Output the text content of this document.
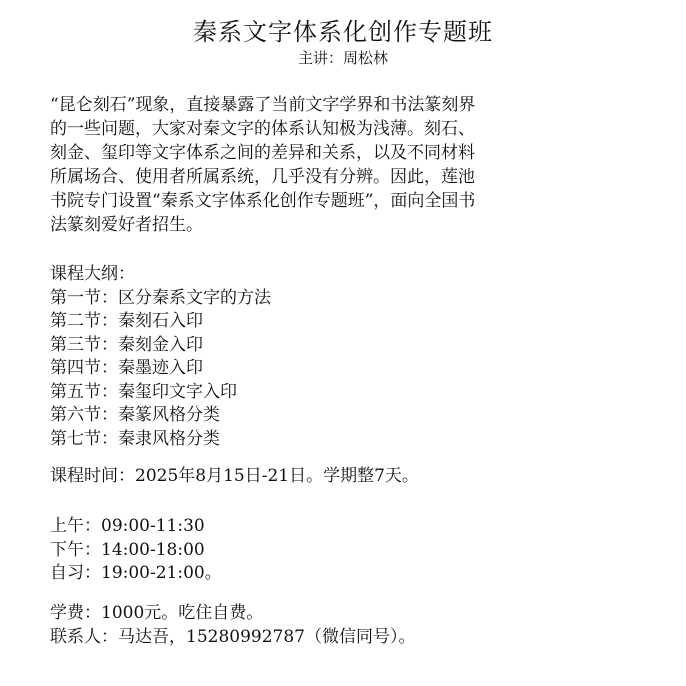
秦系文字体系化创作专题班
主讲：周松林

“昆仑刻石”现象，直接暴露了当前文字学界和书法篆刻界

的一些问题，大家对秦文字的体系认知极为浅薄。刻石、

刻金、玺印等文字体系之间的差异和关系，以及不同材料

所属场合、使用者所属系统，几乎没有分辨。因此，莲池

书院专门设置“秦系文字体系化创作专题班”，面向全国书

法篆刻爱好者招生。

课程大纲：
第一节：区分秦系文字的方法
第二节：秦刻石入印
第三节：秦刻金入印
第四节：秦墨迹入印
第五节：秦玺印文字入印
第六节：秦篆风格分类
第七节：秦隶风格分类
课程时间：2025年8月15日-21日。学期整7天。
上午：09:00-11:30
下午：14:00-18:00
自习：19:00-21:00。
学费：1000元。吃住自费。
联系人：马达吾，15280992787（微信同号）。
